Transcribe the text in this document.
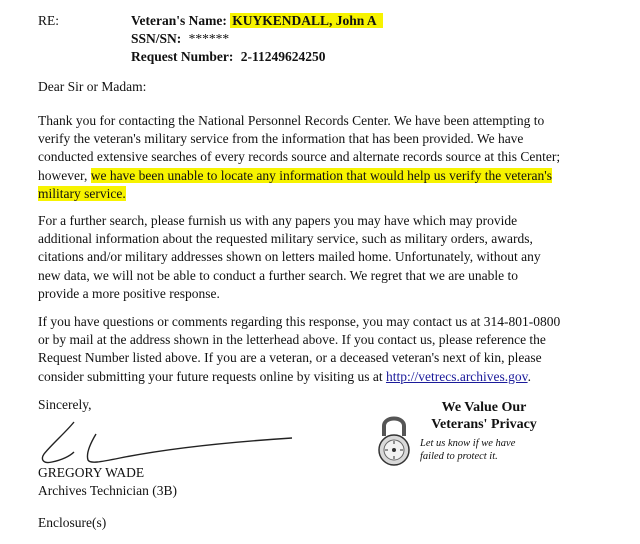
RE:	Veteran's Name: KUYKENDALL, John A
SSN/SN: ******
Request Number: 2-11249624250
Dear Sir or Madam:
Thank you for contacting the National Personnel Records Center. We have been attempting to
verify the veteran's military service from the information that has been provided. We have
conducted extensive searches of every records source and alternate records source at this Center;
however, we have been unable to locate any information that would help us verify the veteran's
military service.
For a further search, please furnish us with any papers you may have which may provide
additional information about the requested military service, such as military orders, awards,
citations and/or military addresses shown on letters mailed home. Unfortunately, without any
new data, we will not be able to conduct a further search. We regret that we are unable to
provide a more positive response.
If you have questions or comments regarding this response, you may contact us at 314-801-0800
or by mail at the address shown in the letterhead above. If you contact us, please reference the
Request Number listed above. If you are a veteran, or a deceased veteran's next of kin, please
consider submitting your future requests online by visiting us at http://vetrecs.archives.gov.
Sincerely,
GREGORY WADE
Archives Technician (3B)
Enclosure(s)
We Value Our
Veterans' Privacy
Let us know if we have
failed to protect it.
